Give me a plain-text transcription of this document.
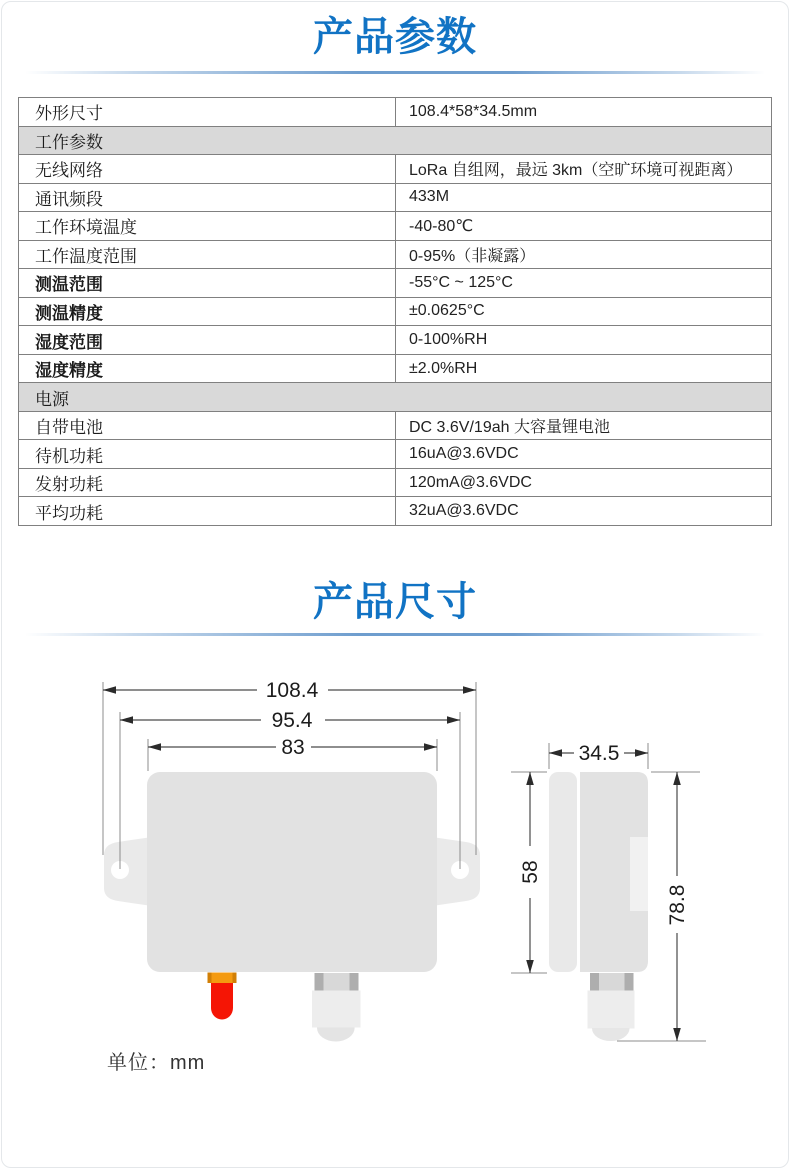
产品参数
外形尺寸	108.4*58*34.5mm
工作参数	
无线网络	LoRa 自组网，最远 3km（空旷环境可视距离）
通讯频段	433M
工作环境温度	-40-80℃
工作温度范围	0-95%（非凝露）
测温范围	-55°C ~ 125°C
测温精度	±0.0625°C
湿度范围	0-100%RH
湿度精度	±2.0%RH
电源	
自带电池	DC 3.6V/19ah 大容量锂电池
待机功耗	16uA@3.6VDC
发射功耗	120mA@3.6VDC
平均功耗	32uA@3.6VDC
产品尺寸
108.4
95.4
83	34.5
58
78.8
单位：mm
